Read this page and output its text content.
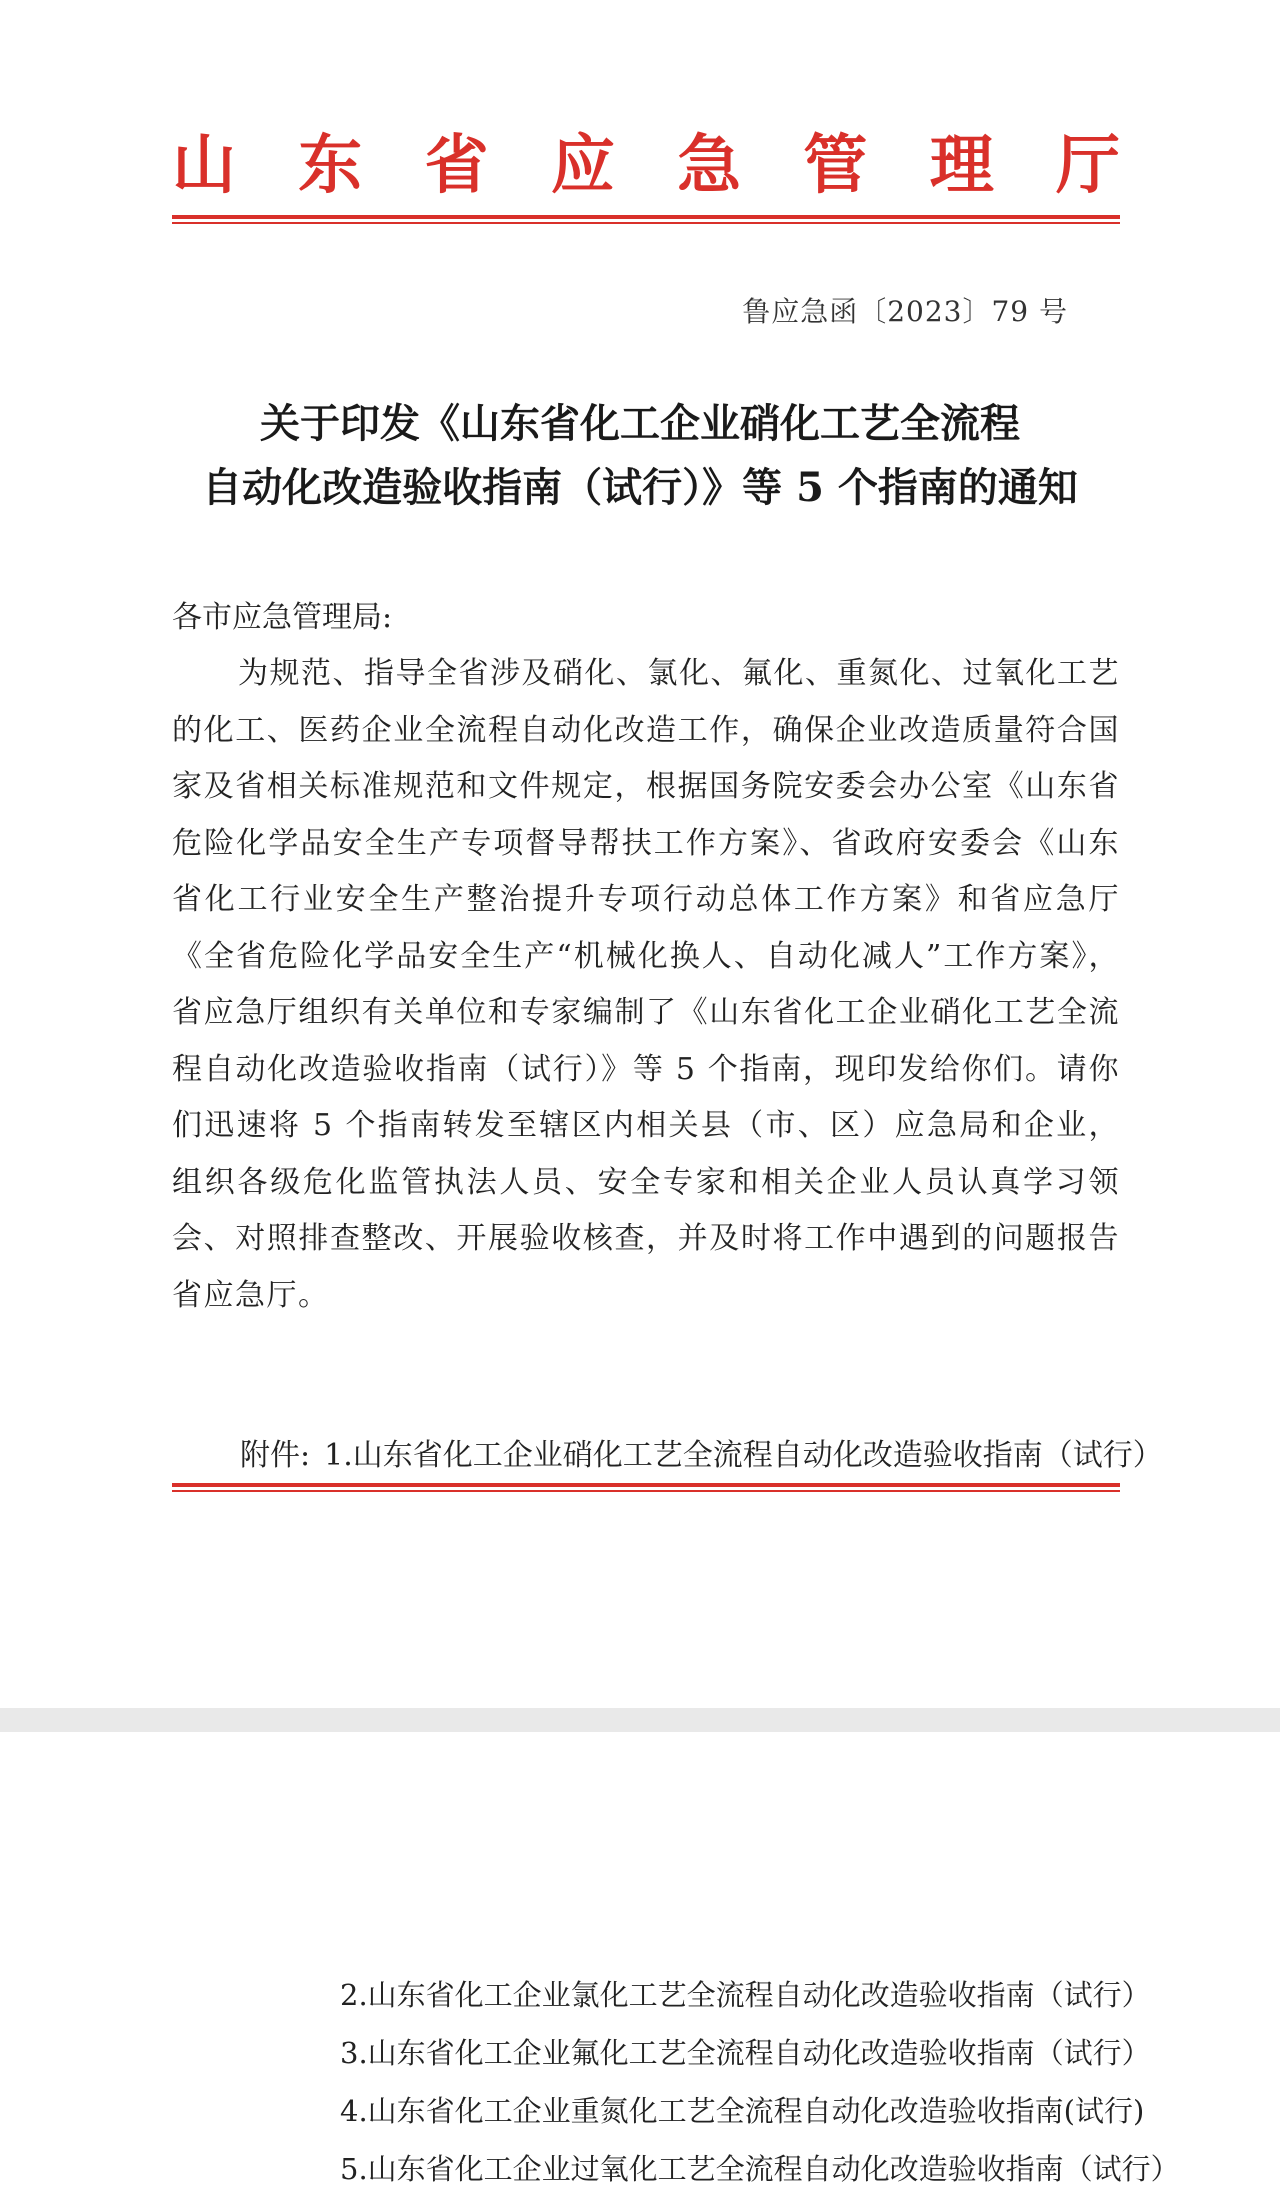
山 东 省 应 急 管 理 厅
鲁应急函〔2023〕79 号
关于印发《山东省化工企业硝化工艺全流程
自动化改造验收指南（试行）》等 5 个指南的通知
各市应急管理局:
为规范、指导全省涉及硝化、氯化、氟化、重氮化、过氧化工艺的化工、医药企业全流程自动化改造工作，确保企业改造质量符合国家及省相关标准规范和文件规定，根据国务院安委会办公室《山东省危险化学品安全生产专项督导帮扶工作方案》、省政府安委会《山东省化工行业安全生产整治提升专项行动总体工作方案》和省应急厅《全省危险化学品安全生产“机械化换人、自动化减人”工作方案》，省应急厅组织有关单位和专家编制了《山东省化工企业硝化工艺全流程自动化改造验收指南（试行）》等 5 个指南，现印发给你们。请你们迅速将 5 个指南转发至辖区内相关县（市、区）应急局和企业，组织各级危化监管执法人员、安全专家和相关企业人员认真学习领会、对照排查整改、开展验收核查，并及时将工作中遇到的问题报告省应急厅。
附件: 1.山东省化工企业硝化工艺全流程自动化改造验收指南（试行）
2.山东省化工企业氯化工艺全流程自动化改造验收指南（试行）
3.山东省化工企业氟化工艺全流程自动化改造验收指南（试行）
4.山东省化工企业重氮化工艺全流程自动化改造验收指南(试行)
5.山东省化工企业过氧化工艺全流程自动化改造验收指南（试行）
